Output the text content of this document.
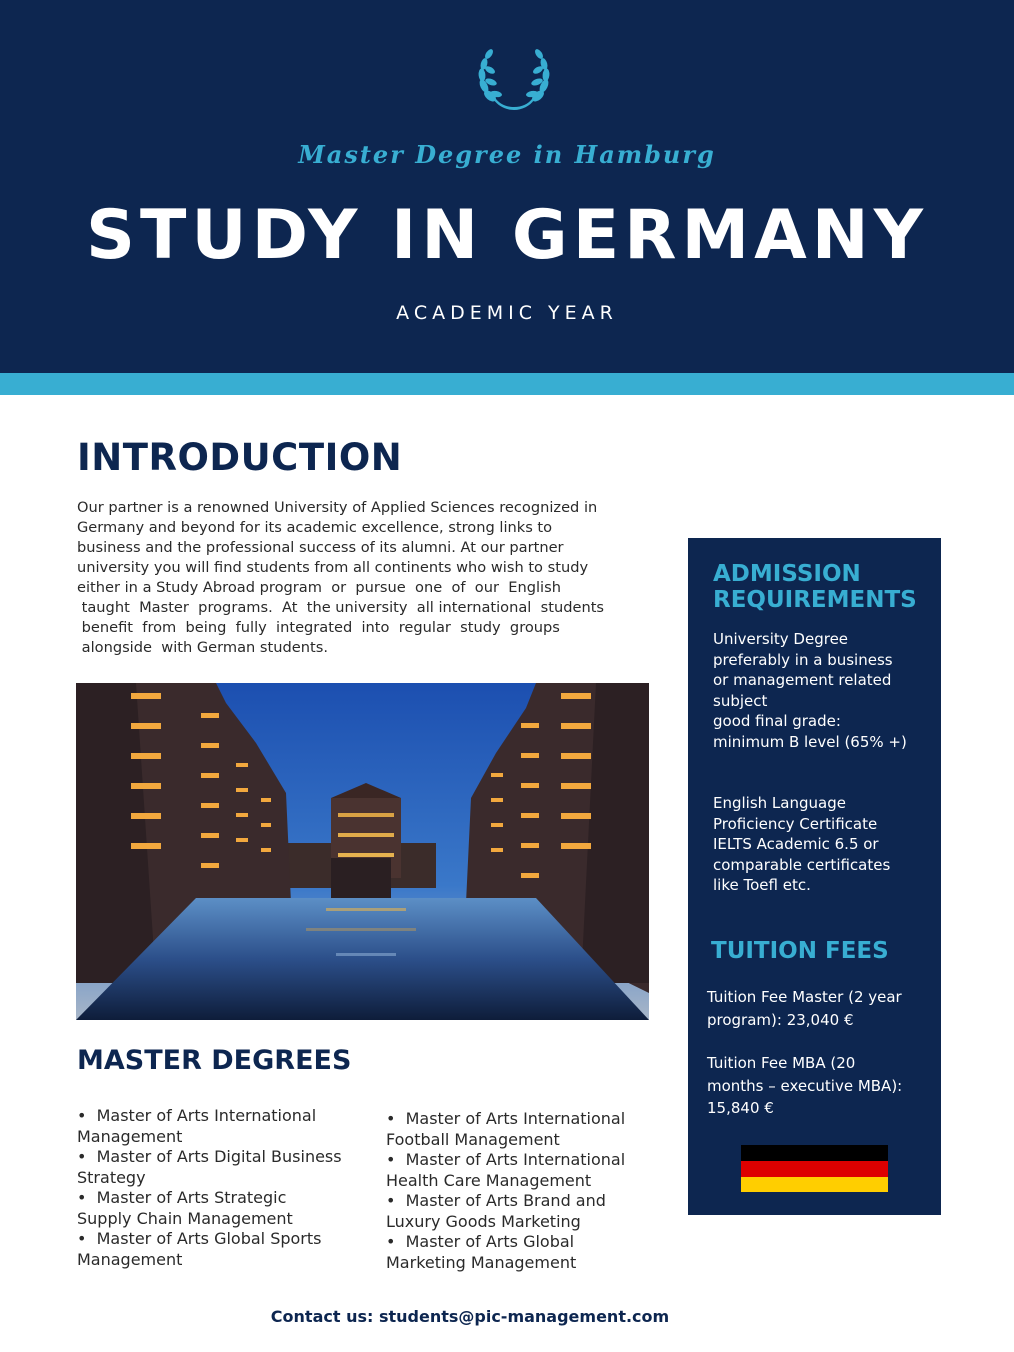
Master Degree in Hamburg
STUDY IN GERMANY
ACADEMIC YEAR
INTRODUCTION
Our partner is a renowned University of Applied Sciences recognized in
Germany and beyond for its academic excellence, strong links to
business and the professional success of its alumni. At our partner
university you will find students from all continents who wish to study
either in a Study Abroad program  or  pursue  one  of  our  English
taught  Master  programs.  At  the university  all international  students
benefit  from  being  fully  integrated  into  regular  study  groups
alongside  with German students.
MASTER DEGREES
•  Master of Arts International
Management
•  Master of Arts Digital Business
Strategy
•  Master of Arts Strategic
Supply Chain Management
•  Master of Arts Global Sports
Management
•  Master of Arts International
Football Management
•  Master of Arts International
Health Care Management
•  Master of Arts Brand and
Luxury Goods Marketing
•  Master of Arts Global
Marketing Management
ADMISSION
REQUIREMENTS
University Degree
preferably in a business
or management related
subject
good final grade:
minimum B level (65% +)
English Language
Proficiency Certificate
IELTS Academic 6.5 or
comparable certificates
like Toefl etc.
TUITION FEES
Tuition Fee Master (2 year
program): 23,040 €
Tuition Fee MBA (20
months – executive MBA):
15,840 €
Contact us: students@pic-management.com
